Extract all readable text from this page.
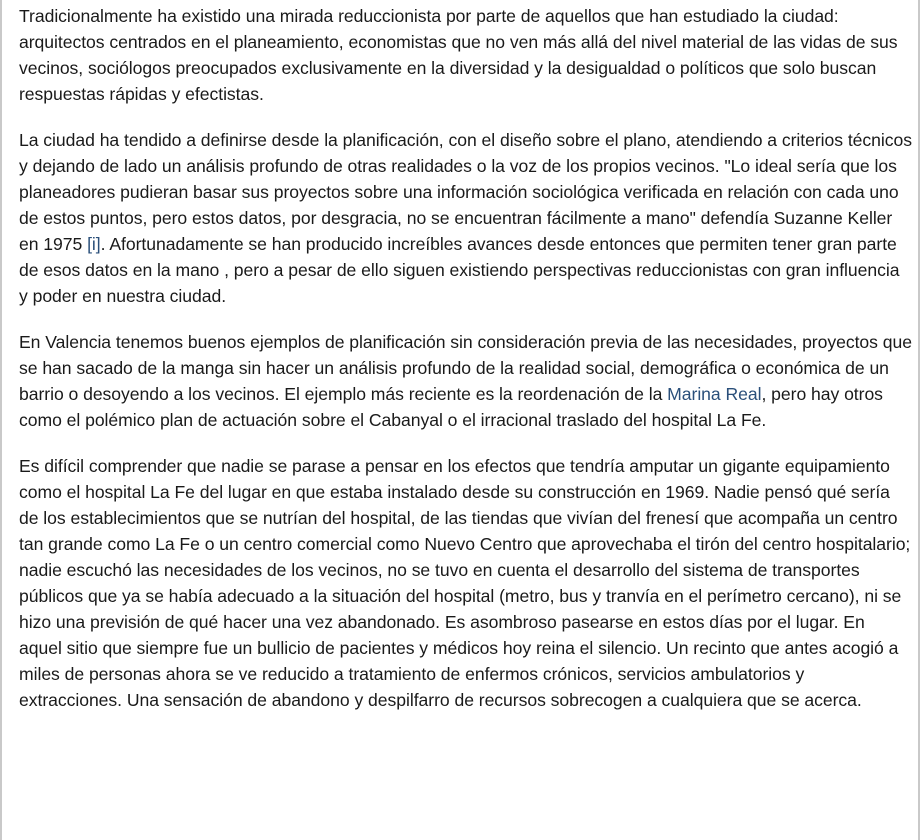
Tradicionalmente ha existido una mirada reduccionista por parte de aquellos que han estudiado la ciudad: arquitectos centrados en el planeamiento, economistas que no ven más allá del nivel material de las vidas de sus vecinos, sociólogos preocupados exclusivamente en la diversidad y la desigualdad o políticos que solo buscan respuestas rápidas y efectistas.

La ciudad ha tendido a definirse desde la planificación, con el diseño sobre el plano, atendiendo a criterios técnicos y dejando de lado un análisis profundo de otras realidades o la voz de los propios vecinos. "Lo ideal sería que los planeadores pudieran basar sus proyectos sobre una información sociológica verificada en relación con cada uno de estos puntos, pero estos datos, por desgracia, no se encuentran fácilmente a mano" defendía Suzanne Keller en 1975 [i]. Afortunadamente se han producido increíbles avances desde entonces que permiten tener gran parte de esos datos en la mano , pero a pesar de ello siguen existiendo perspectivas reduccionistas con gran influencia y poder en nuestra ciudad.

En Valencia tenemos buenos ejemplos de planificación sin consideración previa de las necesidades, proyectos que se han sacado de la manga sin hacer un análisis profundo de la realidad social, demográfica o económica de un barrio o desoyendo a los vecinos. El ejemplo más reciente es la reordenación de la Marina Real, pero hay otros como el polémico plan de actuación sobre el Cabanyal o el irracional traslado del hospital La Fe.

Es difícil comprender que nadie se parase a pensar en los efectos que tendría amputar un gigante equipamiento como el hospital La Fe del lugar en que estaba instalado desde su construcción en 1969. Nadie pensó qué sería de los establecimientos que se nutrían del hospital, de las tiendas que vivían del frenesí que acompaña un centro tan grande como La Fe o un centro comercial como Nuevo Centro que aprovechaba el tirón del centro hospitalario; nadie escuchó las necesidades de los vecinos, no se tuvo en cuenta el desarrollo del sistema de transportes públicos que ya se había adecuado a la situación del hospital (metro, bus y tranvía en el perímetro cercano), ni se hizo una previsión de qué hacer una vez abandonado. Es asombroso pasearse en estos días por el lugar. En aquel sitio que siempre fue un bullicio de pacientes y médicos hoy reina el silencio. Un recinto que antes acogió a miles de personas ahora se ve reducido a tratamiento de enfermos crónicos, servicios ambulatorios y extracciones. Una sensación de abandono y despilfarro de recursos sobrecogen a cualquiera que se acerca.
